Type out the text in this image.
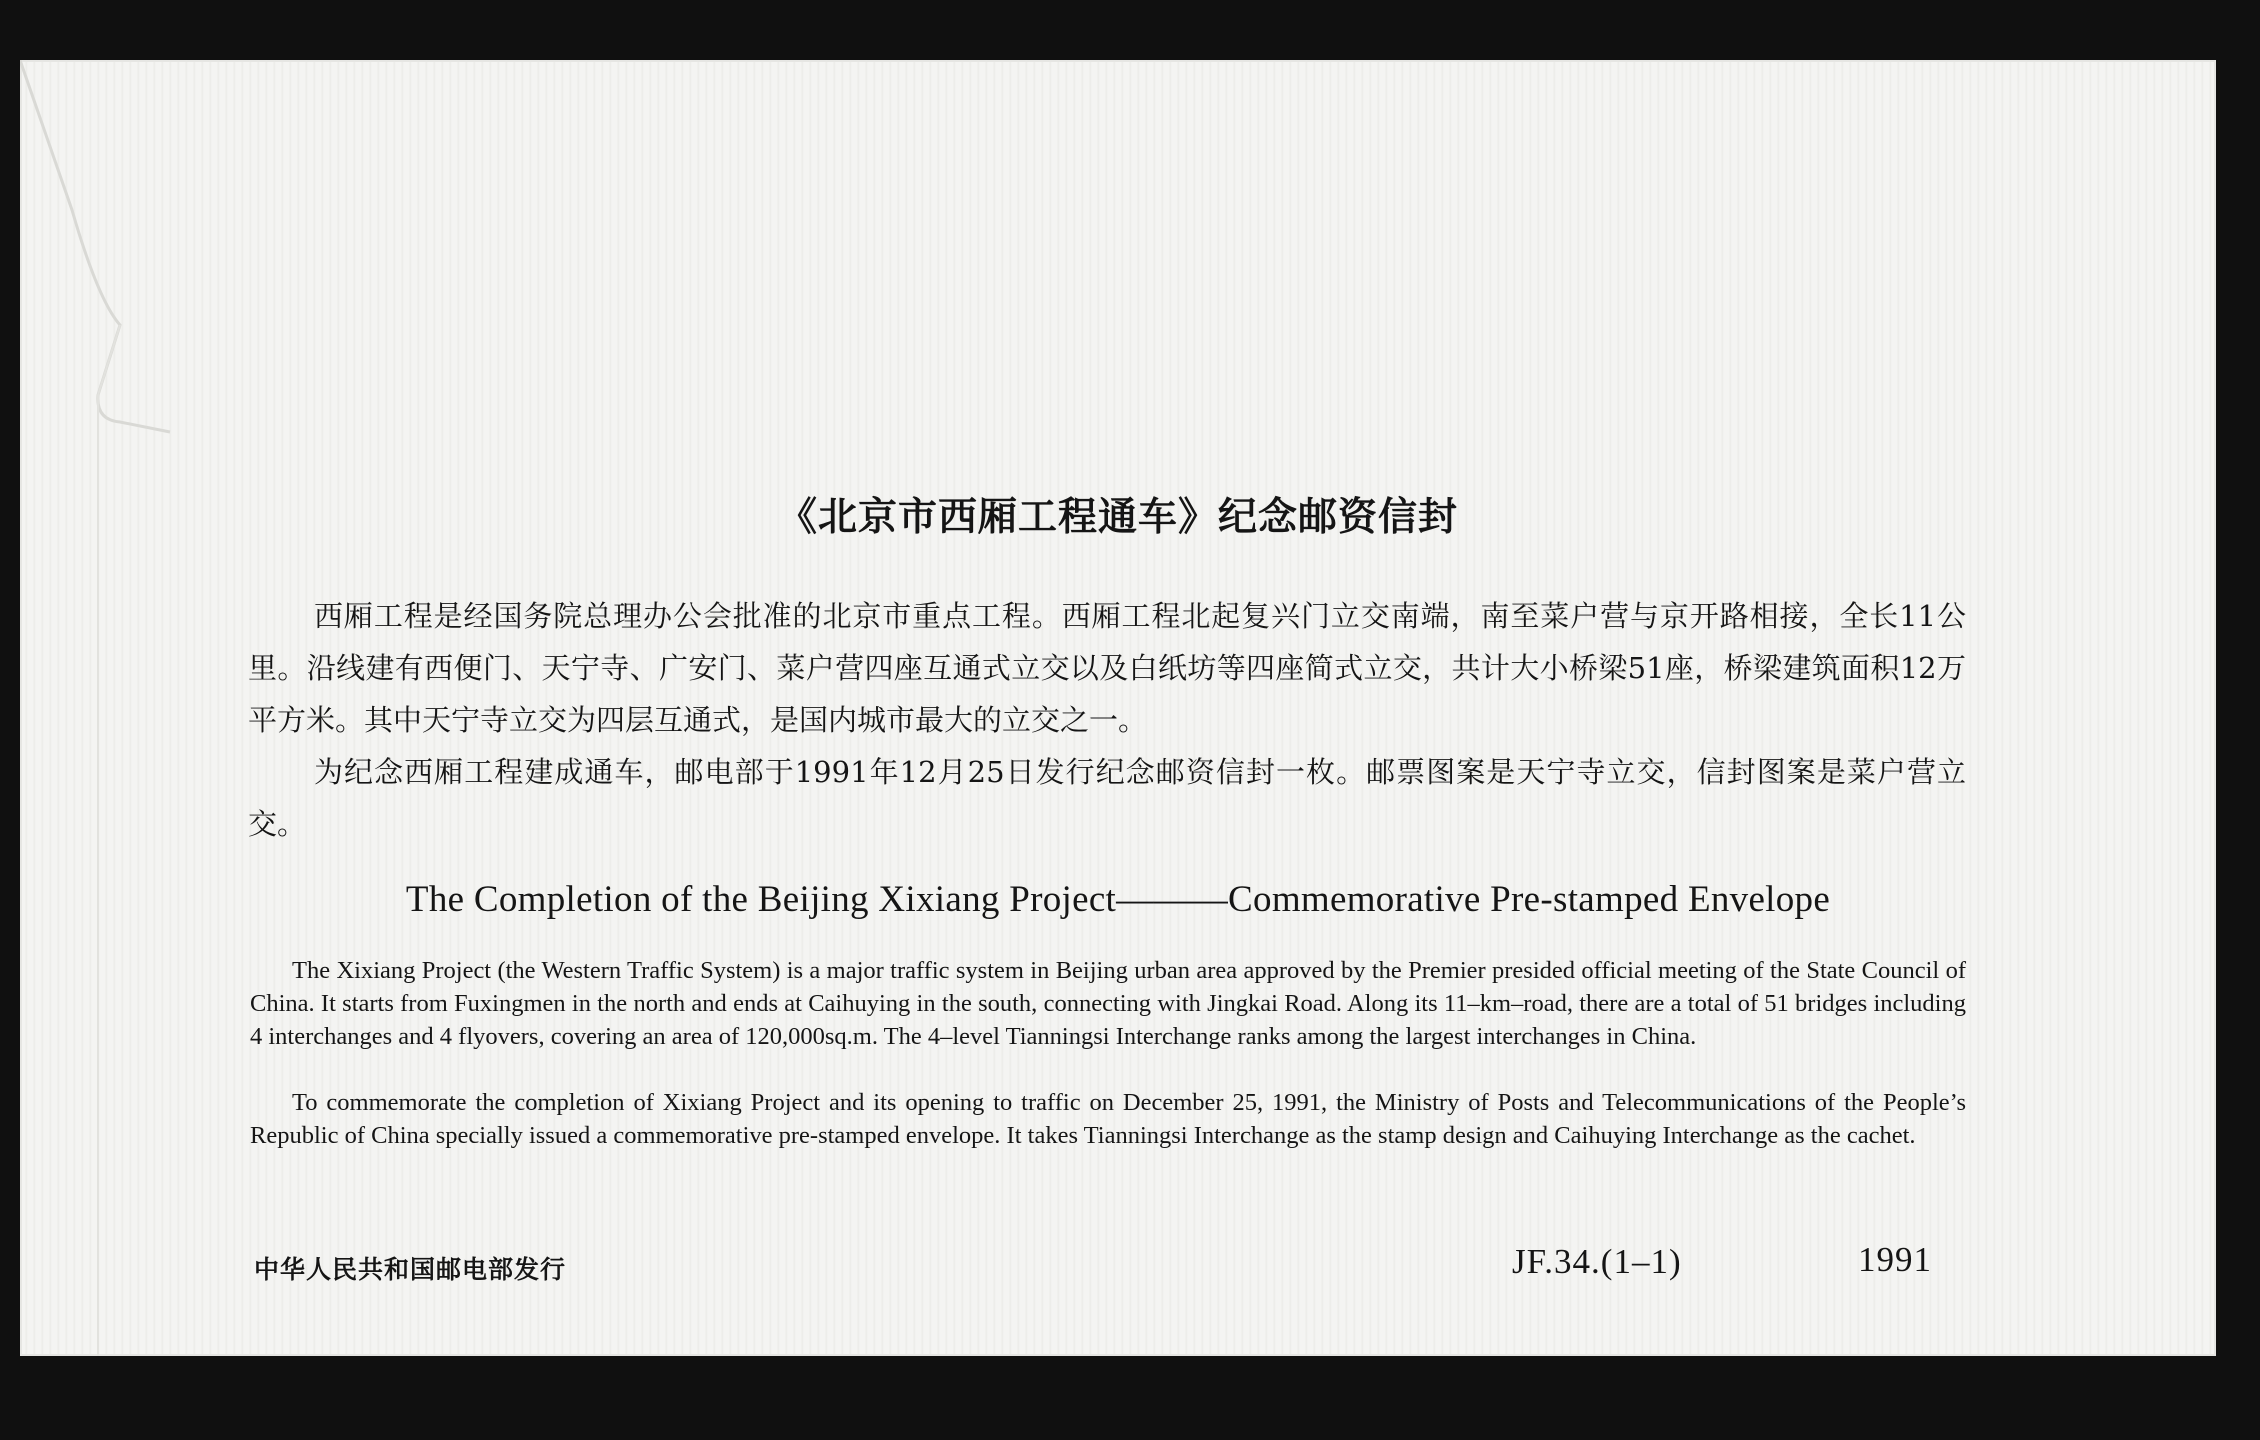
《北京市西厢工程通车》纪念邮资信封

西厢工程是经国务院总理办公会批准的北京市重点工程。西厢工程北起复兴门立交南端，南至菜户营与京开路相接，全长11公里。沿线建有西便门、天宁寺、广安门、菜户营四座互通式立交以及白纸坊等四座简式立交，共计大小桥梁51座，桥梁建筑面积12万平方米。其中天宁寺立交为四层互通式，是国内城市最大的立交之一。

为纪念西厢工程建成通车，邮电部于1991年12月25日发行纪念邮资信封一枚。邮票图案是天宁寺立交，信封图案是菜户营立交。

The Completion of the Beijing Xixiang Project———Commemorative Pre-stamped Envelope

The Xixiang Project (the Western Traffic System) is a major traffic system in Beijing urban area approved by the Premier presided official meeting of the State Council of China. It starts from Fuxingmen in the north and ends at Caihuying in the south, connecting with Jingkai Road. Along its 11–km–road, there are a total of 51 bridges including 4 interchanges and 4 flyovers, covering an area of 120,000sq.m. The 4–level Tianningsi Interchange ranks among the largest interchanges in China.

To commemorate the completion of Xixiang Project and its opening to traffic on December 25, 1991, the Ministry of Posts and Telecommunications of the People’s Republic of China specially issued a commemorative pre-stamped envelope. It takes Tianningsi Interchange as the stamp design and Caihuying Interchange as the cachet.

中华人民共和国邮电部发行	JF.34.(1–1)	1991
